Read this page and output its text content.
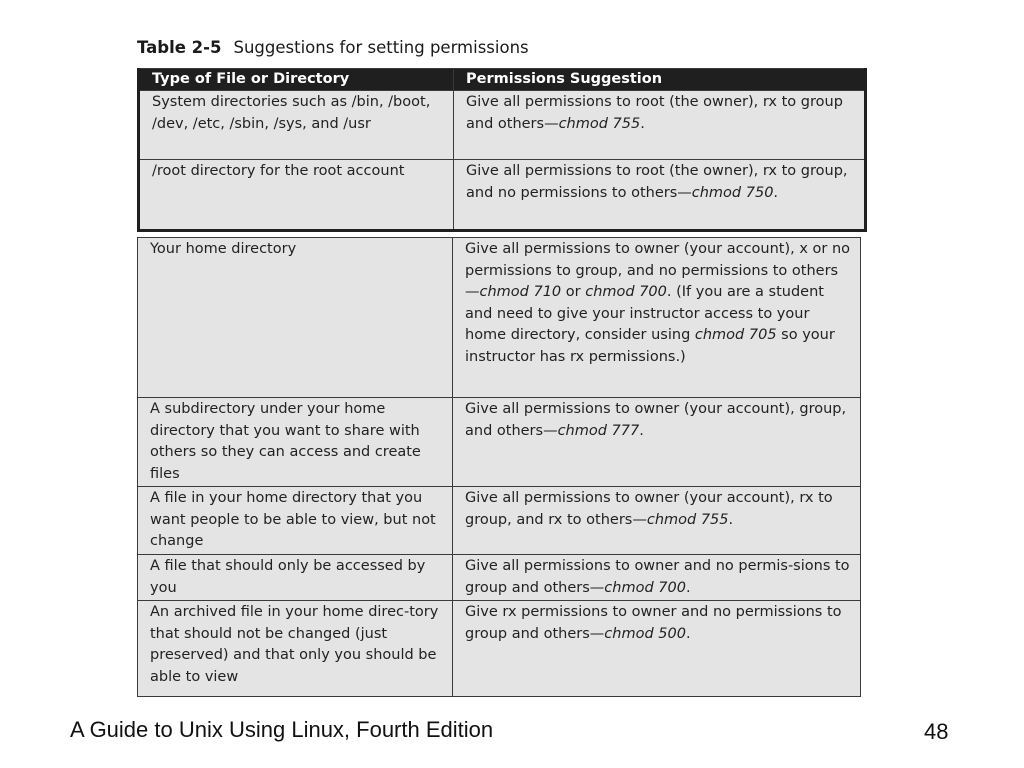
Table 2-5 Suggestions for setting permissions
Type of File or Directory	Permissions Suggestion
System directories such as /bin, /boot, /dev, /etc, /sbin, /sys, and /usr	Give all permissions to root (the owner), rx to group and others—chmod 755.
/root directory for the root account	Give all permissions to root (the owner), rx to group, and no permissions to others—chmod 750.
Your home directory	Give all permissions to owner (your account), x or no permissions to group, and no permissions to others—chmod 710 or chmod 700. (If you are a student and need to give your instructor access to your home directory, consider using chmod 705 so your instructor has rx permissions.)
A subdirectory under your home directory that you want to share with others so they can access and create files	Give all permissions to owner (your account), group, and others—chmod 777.
A file in your home directory that you want people to be able to view, but not change	Give all permissions to owner (your account), rx to group, and rx to others—chmod 755.
A file that should only be accessed by you	Give all permissions to owner and no permis-sions to group and others—chmod 700.
An archived file in your home direc-tory that should not be changed (just preserved) and that only you should be able to view	Give rx permissions to owner and no permissions to group and others—chmod 500.
A Guide to Unix Using Linux, Fourth Edition	48
